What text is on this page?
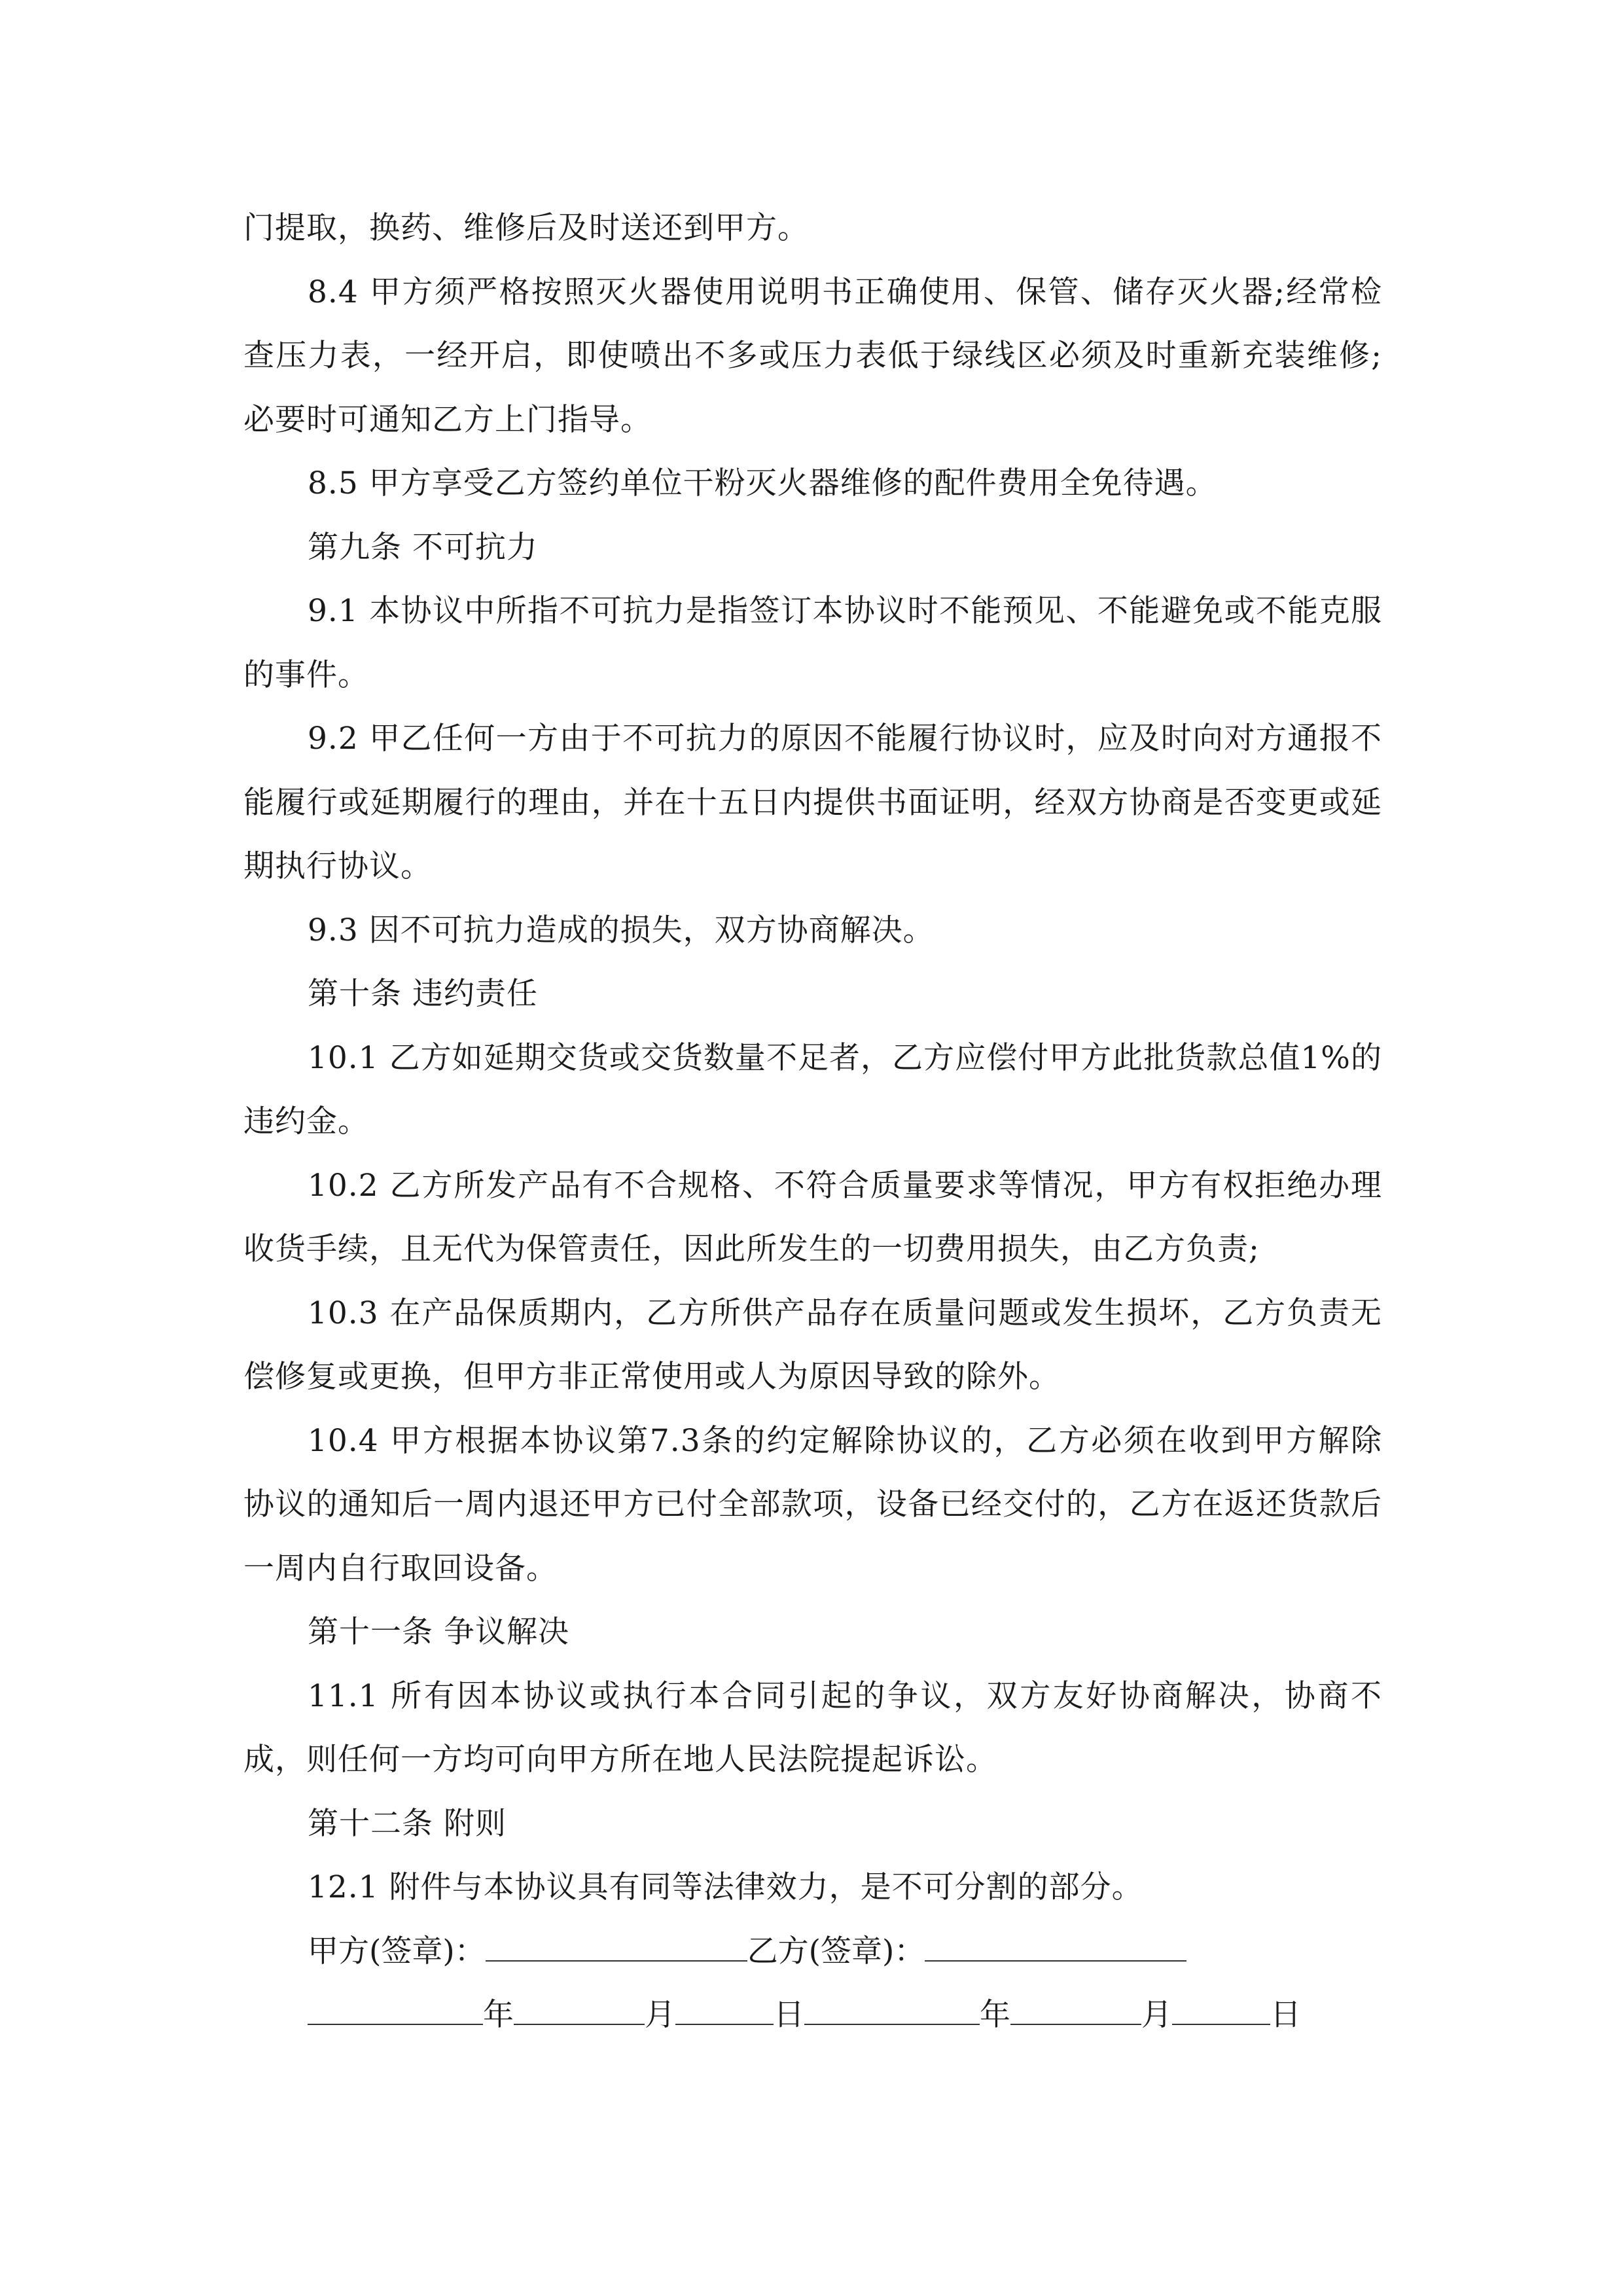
门提取，换药、维修后及时送还到甲方。

8.4 甲方须严格按照灭火器使用说明书正确使用、保管、储存灭火器;经常检查压力表，一经开启，即使喷出不多或压力表低于绿线区必须及时重新充装维修;必要时可通知乙方上门指导。

8.5 甲方享受乙方签约单位干粉灭火器维修的配件费用全免待遇。

第九条 不可抗力

9.1 本协议中所指不可抗力是指签订本协议时不能预见、不能避免或不能克服的事件。

9.2 甲乙任何一方由于不可抗力的原因不能履行协议时，应及时向对方通报不能履行或延期履行的理由，并在十五日内提供书面证明，经双方协商是否变更或延期执行协议。

9.3 因不可抗力造成的损失，双方协商解决。

第十条 违约责任

10.1 乙方如延期交货或交货数量不足者，乙方应偿付甲方此批货款总值1%的违约金。

10.2 乙方所发产品有不合规格、不符合质量要求等情况，甲方有权拒绝办理收货手续，且无代为保管责任，因此所发生的一切费用损失，由乙方负责;

10.3 在产品保质期内，乙方所供产品存在质量问题或发生损坏，乙方负责无偿修复或更换，但甲方非正常使用或人为原因导致的除外。

10.4 甲方根据本协议第7.3条的约定解除协议的，乙方必须在收到甲方解除协议的通知后一周内退还甲方已付全部款项，设备已经交付的，乙方在返还货款后一周内自行取回设备。

第十一条 争议解决

11.1 所有因本协议或执行本合同引起的争议，双方友好协商解决，协商不成，则任何一方均可向甲方所在地人民法院提起诉讼。

第十二条 附则

12.1 附件与本协议具有同等法律效力，是不可分割的部分。

甲方(签章)：	乙方(签章)：
年	月	日	年	月	日
